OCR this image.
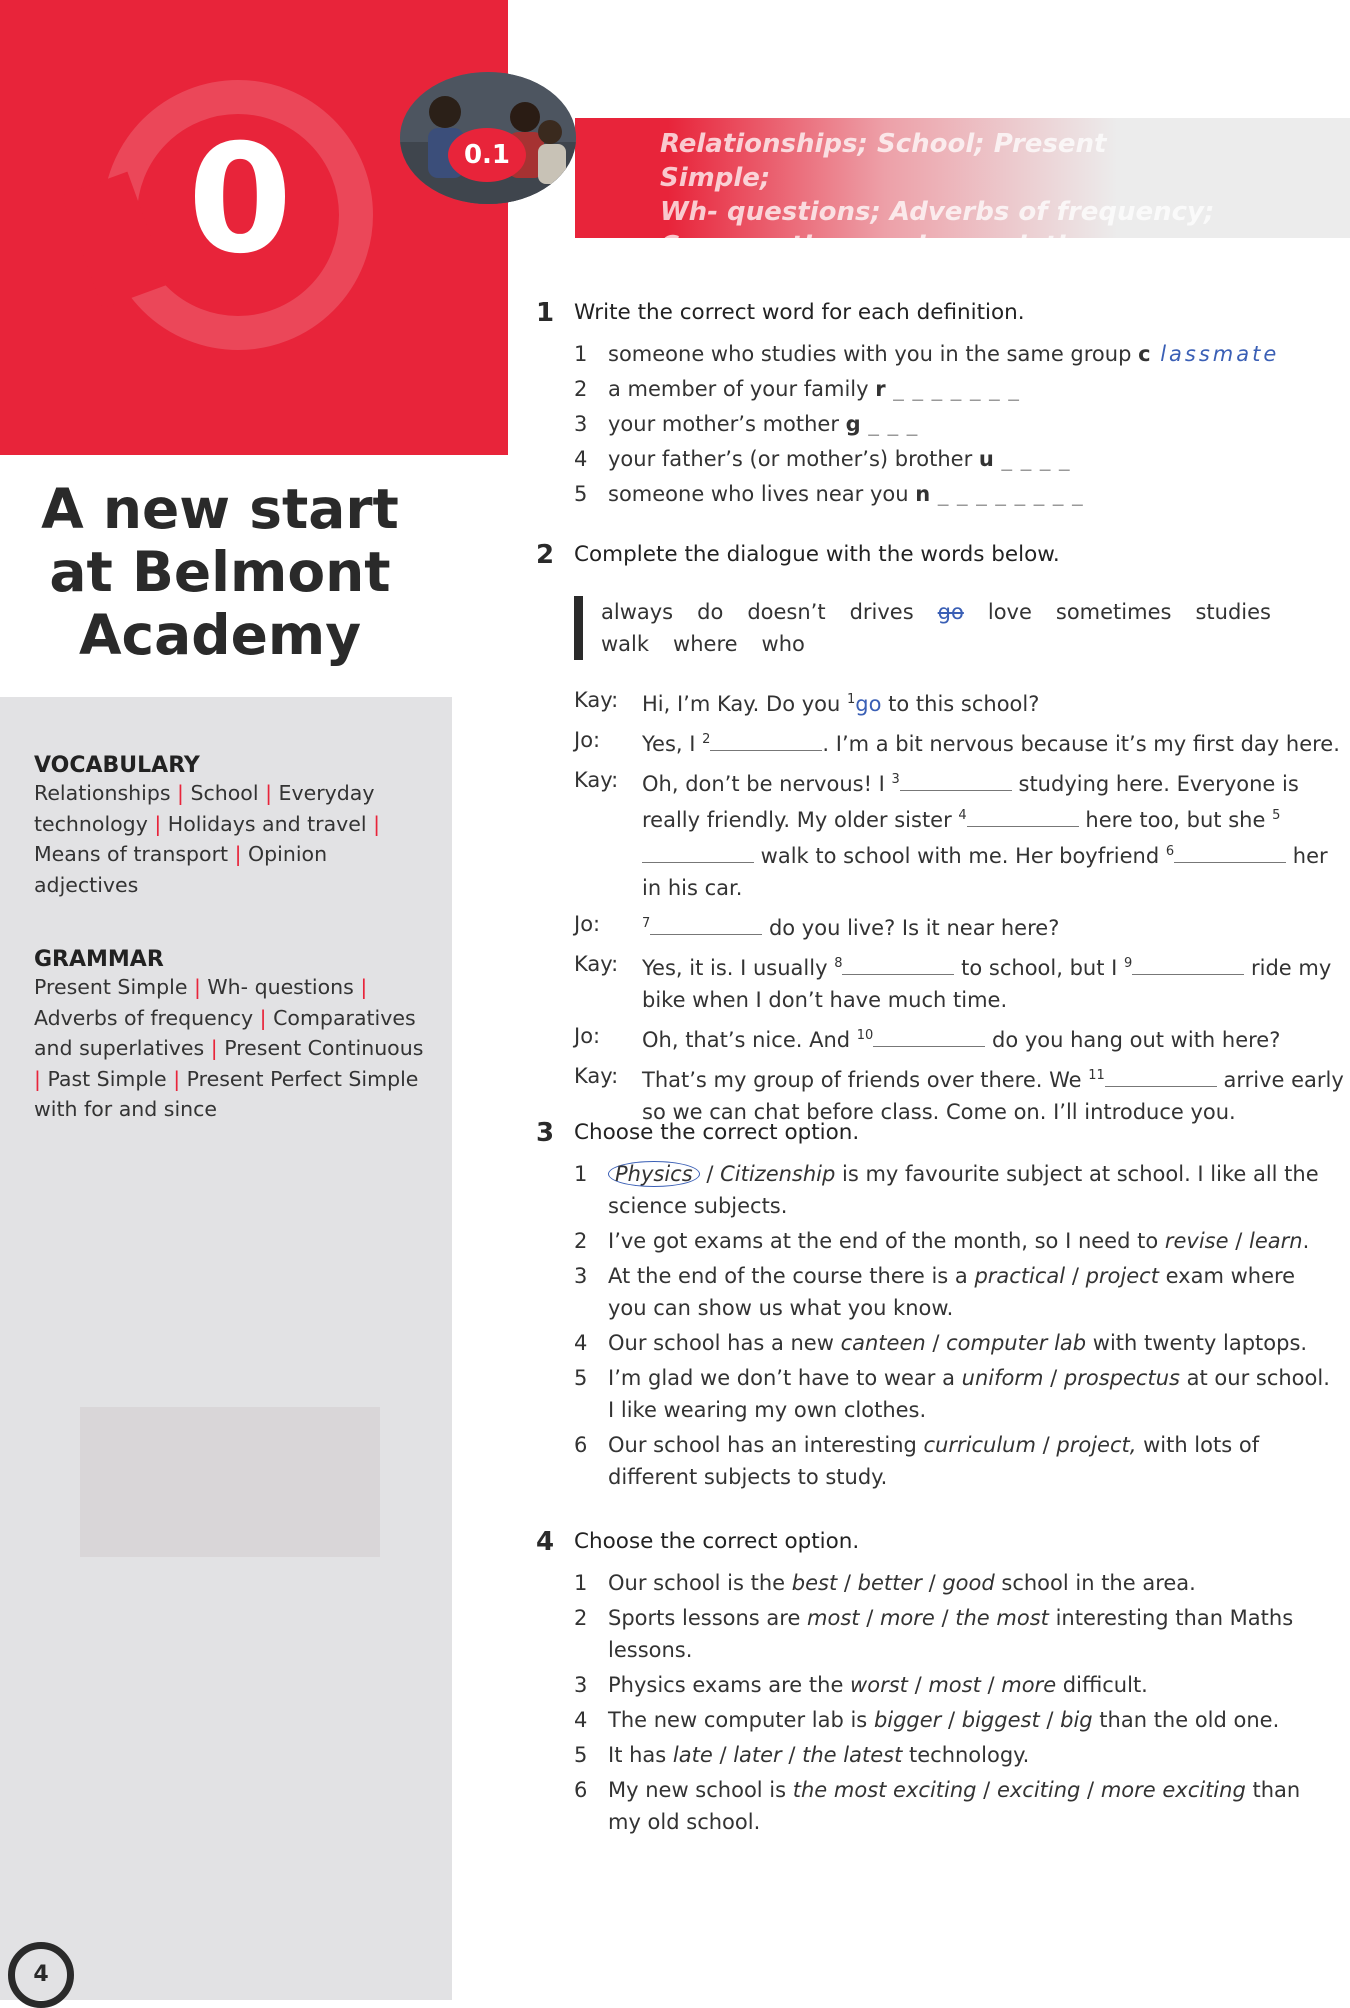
0
A new start
at Belmont
Academy
VOCABULARY
Relationships | School | Everyday technology | Holidays and travel | Means of transport | Opinion adjectives
GRAMMAR
Present Simple | Wh- questions | Adverbs of frequency | Comparatives and superlatives | Present Continuous | Past Simple | Present Perfect Simple with for and since
4
Relationships; School; Present Simple;
Wh- questions; Adverbs of frequency;
Comparatives and superlatives
0.1
1 Write the correct word for each definition.
1 someone who studies with you in the same group c lassmate
2 a member of your family r _ _ _ _ _ _ _
3 your mother’s mother g _ _ _
4 your father’s (or mother’s) brother u _ _ _ _
5 someone who lives near you n _ _ _ _ _ _ _ _
2 Complete the dialogue with the words below.
always do doesn’t drives go love sometimes studies
walk where who
Kay: Hi, I’m Kay. Do you $^1$go to this school?
Jo: Yes, I $^2$	. I’m a bit nervous because it’s my first day here.
Kay: Oh, don’t be nervous! I $^3$	studying here. Everyone is really friendly. My older sister $^4$	here too, but she $^5$ walk to school with me. Her boyfriend $^6$	her in his car.
Jo:	$^7$	do you live? Is it near here?
Kay: Yes, it is. I usually $^8$	to school, but I $^9$	ride my bike when I don’t have much time.
Jo: Oh, that’s nice. And $^{10}$	do you hang out with here?
Kay: That’s my group of friends over there. We $^{11}$	arrive early so we can chat before class. Come on. I’ll introduce you.
3 Choose the correct option.
1 Physics / Citizenship is my favourite subject at school. I like all the science subjects.
2 I’ve got exams at the end of the month, so I need to revise / learn.
3 At the end of the course there is a practical / project exam where you can show us what you know.
4 Our school has a new canteen / computer lab with twenty laptops.
5 I’m glad we don’t have to wear a uniform / prospectus at our school. I like wearing my own clothes.
6 Our school has an interesting curriculum / project, with lots of different subjects to study.
4 Choose the correct option.
1 Our school is the best / better / good school in the area.
2 Sports lessons are most / more / the most interesting than Maths lessons.
3 Physics exams are the worst / most / more difficult.
4 The new computer lab is bigger / biggest / big than the old one.
5 It has late / later / the latest technology.
6 My new school is the most exciting / exciting / more exciting than my old school.
